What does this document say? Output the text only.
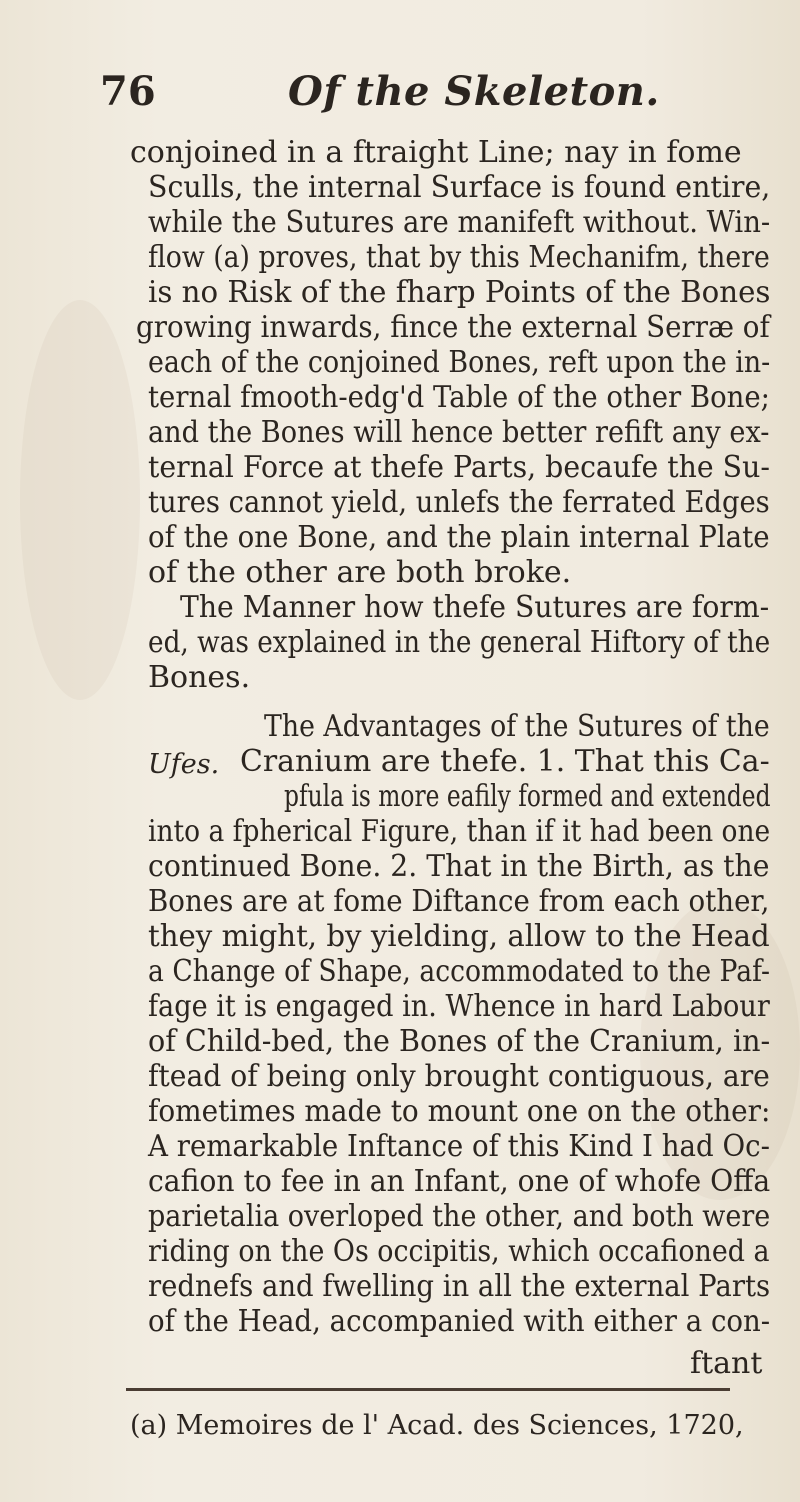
76	Of the Skeleton.
conjoined in a ftraight Line; nay in fome
Sculls, the internal Surface is found entire,
while the Sutures are manifeft without. Win-
flow (a) proves, that by this Mechanifm, there
is no Risk of the fharp Points of the Bones
growing inwards, fince the external Serræ of
each of the conjoined Bones, reft upon the in-
ternal fmooth-edg'd Table of the other Bone;
and the Bones will hence better refift any ex-
ternal Force at thefe Parts, becaufe the Su-
tures cannot yield, unlefs the ferrated Edges
of the one Bone, and the plain internal Plate
of the other are both broke.
The Manner how thefe Sutures are form-
ed, was explained in the general Hiftory of the
Bones.
The Advantages of the Sutures of the
Ufes. Cranium are thefe. 1. That this Ca-
pfula is more eafily formed and extended
into a fpherical Figure, than if it had been one
continued Bone. 2. That in the Birth, as the
Bones are at fome Diftance from each other,
they might, by yielding, allow to the Head
a Change of Shape, accommodated to the Paf-
fage it is engaged in. Whence in hard Labour
of Child-bed, the Bones of the Cranium, in-
ftead of being only brought contiguous, are
fometimes made to mount one on the other:
A remarkable Inftance of this Kind I had Oc-
cafion to fee in an Infant, one of whofe Offa
parietalia overloped the other, and both were
riding on the Os occipitis, which occafioned a
rednefs and fwelling in all the external Parts
of the Head, accompanied with either a con-
ftant
(a) Memoires de l' Acad. des Sciences, 1720,
